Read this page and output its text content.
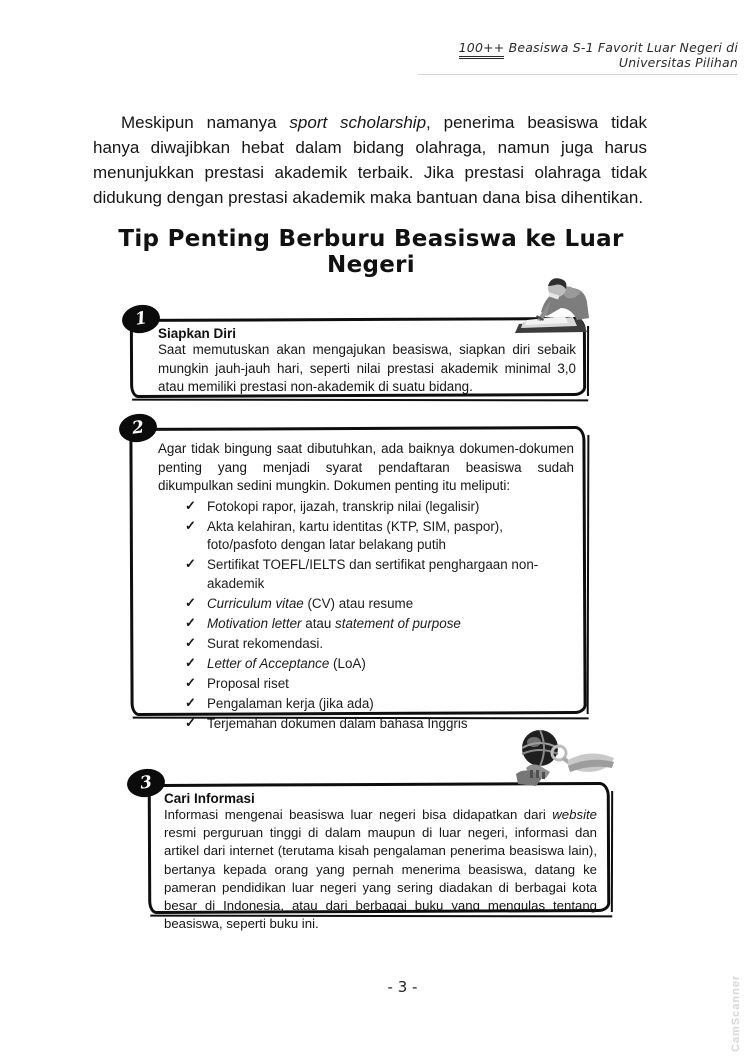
100++ Beasiswa S-1 Favorit Luar Negeri di Universitas Pilihan

Meskipun namanya sport scholarship, penerima beasiswa tidak hanya diwajibkan hebat dalam bidang olahraga, namun juga harus menunjukkan prestasi akademik terbaik. Jika prestasi olahraga tidak didukung dengan prestasi akademik maka bantuan dana bisa dihentikan.

Tip Penting Berburu Beasiswa ke Luar Negeri
1
Siapkan Diri
Saat memutuskan akan mengajukan beasiswa, siapkan diri sebaik mungkin jauh-jauh hari, seperti nilai prestasi akademik minimal 3,0 atau memiliki prestasi non-akademik di suatu bidang.
2
Agar tidak bingung saat dibutuhkan, ada baiknya dokumen-dokumen penting yang menjadi syarat pendaftaran beasiswa sudah dikumpulkan sedini mungkin. Dokumen penting itu meliputi:
✓ Fotokopi rapor, ijazah, transkrip nilai (legalisir)
✓ Akta kelahiran, kartu identitas (KTP, SIM, paspor), foto/pasfoto dengan latar belakang putih
✓ Sertifikat TOEFL/IELTS dan sertifikat penghargaan non-akademik
✓ Curriculum vitae (CV) atau resume
✓ Motivation letter atau statement of purpose
✓ Surat rekomendasi.
✓ Letter of Acceptance (LoA)
✓ Proposal riset
✓ Pengalaman kerja (jika ada)
✓ Terjemahan dokumen dalam bahasa Inggris
3
Cari Informasi
Informasi mengenai beasiswa luar negeri bisa didapatkan dari website resmi perguruan tinggi di dalam maupun di luar negeri, informasi dan artikel dari internet (terutama kisah pengalaman penerima beasiswa lain), bertanya kepada orang yang pernah menerima beasiswa, datang ke pameran pendidikan luar negeri yang sering diadakan di berbagai kota besar di Indonesia, atau dari berbagai buku yang mengulas tentang beasiswa, seperti buku ini.
- 3 -	CamScanner
